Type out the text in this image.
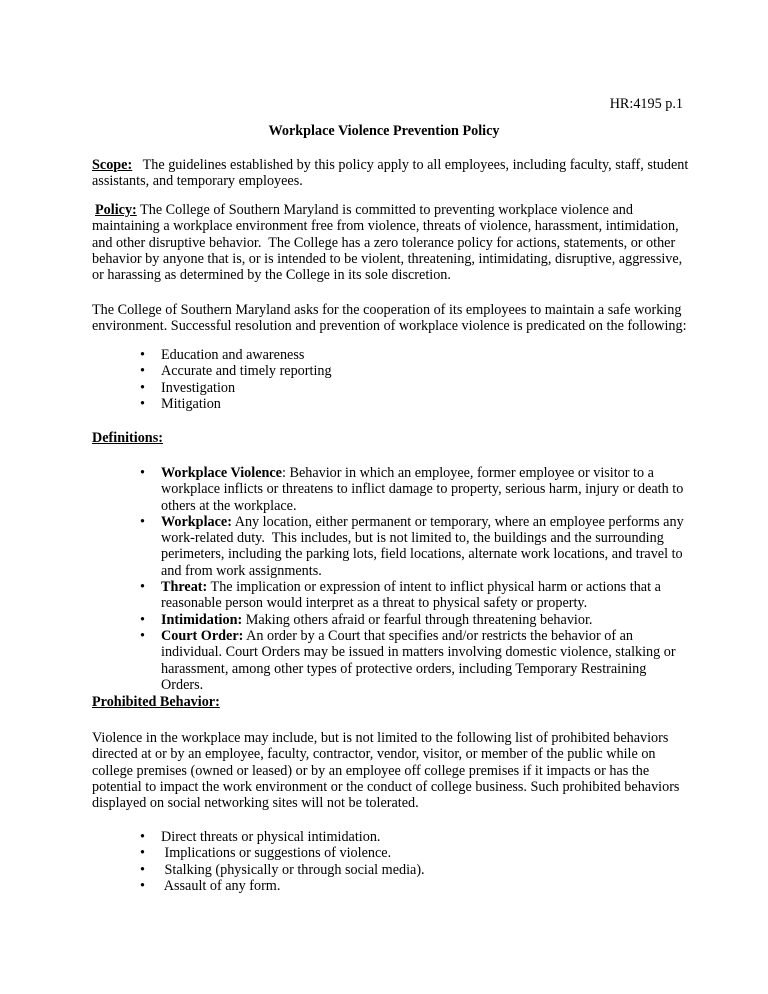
HR:4195 p.1
Workplace Violence Prevention Policy

Scope:   The guidelines established by this policy apply to all employees, including faculty, staff, student assistants, and temporary employees.

Policy: The College of Southern Maryland is committed to preventing workplace violence and maintaining a workplace environment free from violence, threats of violence, harassment, intimidation, and other disruptive behavior.  The College has a zero tolerance policy for actions, statements, or other behavior by anyone that is, or is intended to be violent, threatening, intimidating, disruptive, aggressive, or harassing as determined by the College in its sole discretion.

The College of Southern Maryland asks for the cooperation of its employees to maintain a safe working environment. Successful resolution and prevention of workplace violence is predicated on the following:

• Education and awareness
• Accurate and timely reporting
• Investigation
• Mitigation
Definitions:
• Workplace Violence: Behavior in which an employee, former employee or visitor to a workplace inflicts or threatens to inflict damage to property, serious harm, injury or death to others at the workplace.
• Workplace: Any location, either permanent or temporary, where an employee performs any work-related duty.  This includes, but is not limited to, the buildings and the surrounding perimeters, including the parking lots, field locations, alternate work locations, and travel to and from work assignments.
• Threat: The implication or expression of intent to inflict physical harm or actions that a reasonable person would interpret as a threat to physical safety or property.
• Intimidation: Making others afraid or fearful through threatening behavior.
• Court Order: An order by a Court that specifies and/or restricts the behavior of an individual. Court Orders may be issued in matters involving domestic violence, stalking or harassment, among other types of protective orders, including Temporary Restraining Orders.
Prohibited Behavior:

Violence in the workplace may include, but is not limited to the following list of prohibited behaviors directed at or by an employee, faculty, contractor, vendor, visitor, or member of the public while on college premises (owned or leased) or by an employee off college premises if it impacts or has the potential to impact the work environment or the conduct of college business. Such prohibited behaviors displayed on social networking sites will not be tolerated.

• Direct threats or physical intimidation.
• Implications or suggestions of violence.
• Stalking (physically or through social media).
• Assault of any form.
